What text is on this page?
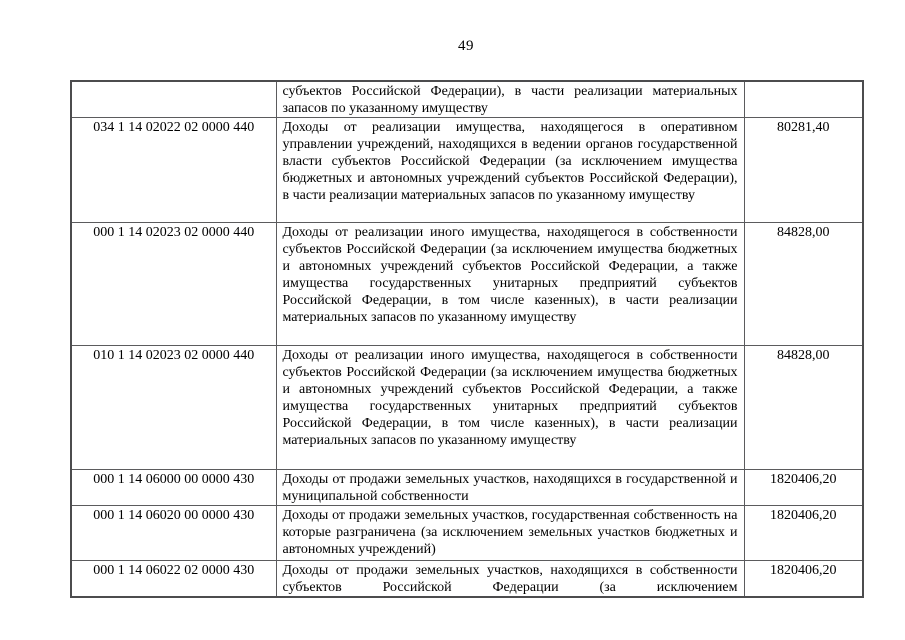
49
	субъектов Российской Федерации), в части реализации материальных запасов по указанному имуществу	
034 1 14 02022 02 0000 440	Доходы от реализации имущества, находящегося в оперативном управлении учреждений, находящихся в ведении органов государственной власти субъектов Российской Федерации (за исключением имущества бюджетных и автономных учреждений субъектов Российской Федерации), в части реализации материальных запасов по указанному имуществу	80281,40
000 1 14 02023 02 0000 440	Доходы от реализации иного имущества, находящегося в собственности субъектов Российской Федерации (за исключением имущества бюджетных и автономных учреждений субъектов Российской Федерации, а также имущества государственных унитарных предприятий субъектов Российской Федерации, в том числе казенных), в части реализации материальных запасов по указанному имуществу	84828,00
010 1 14 02023 02 0000 440	Доходы от реализации иного имущества, находящегося в собственности субъектов Российской Федерации (за исключением имущества бюджетных и автономных учреждений субъектов Российской Федерации, а также имущества государственных унитарных предприятий субъектов Российской Федерации, в том числе казенных), в части реализации материальных запасов по указанному имуществу	84828,00
000 1 14 06000 00 0000 430	Доходы от продажи земельных участков, находящихся в государственной и муниципальной собственности	1820406,20
000 1 14 06020 00 0000 430	Доходы от продажи земельных участков, государственная собственность на которые разграничена (за исключением земельных участков бюджетных и автономных учреждений)	1820406,20
000 1 14 06022 02 0000 430	Доходы от продажи земельных участков, находящихся в собственности субъектов Российской Федерации (за исключением	1820406,20
